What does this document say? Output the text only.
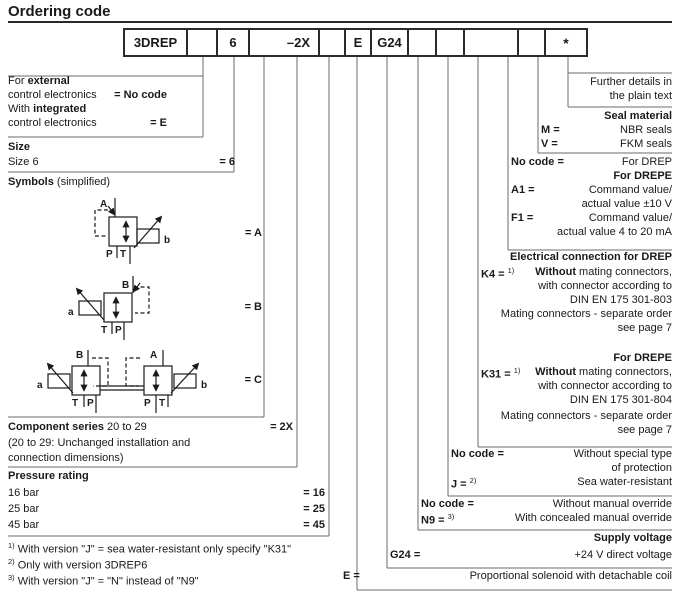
Ordering code
A
P T
b
B
T P
a
B	A
a	b
T P	P T
3DREP	6	–2X	E	G24	*
For external
control electronics	= No code
With integrated
control electronics	= E
Size
Size 6	= 6
Symbols (simplified)
= A
= B
= C
Component series 20 to 29	= 2X
(20 to 29: Unchanged installation and
connection dimensions)
Pressure rating
16 bar	= 16
25 bar	= 25
45 bar	= 45
$^{1)}$ With version "J" = sea water-resistant only specify "K31"
$^{2)}$ Only with version 3DREP6
$^{3)}$ With version "J" = "N" instead of "N9"
Further details in
the plain text
Seal material
M =	NBR seals
V =	FKM seals
No code =	For DREP
For DREPE
A1 =	Command value/
actual value ±10 V
F1 =	Command value/
actual value 4 to 20 mA
Electrical connection for DREP
K4 = $^{1)}$ Without mating connectors,
with connector according to
DIN EN 175 301-803
Mating connectors - separate order
see page 7
For DREPE
K31 = $^{1)}$ Without mating connectors,
with connector according to
DIN EN 175 301-804
Mating connectors - separate order
see page 7
No code =	Without special type
of protection
J = $^{2)}$	Sea water-resistant
No code =	Without manual override
N9 = $^{3)}$	With concealed manual override
Supply voltage
G24 =	+24 V direct voltage
E =	Proportional solenoid with detachable coil
